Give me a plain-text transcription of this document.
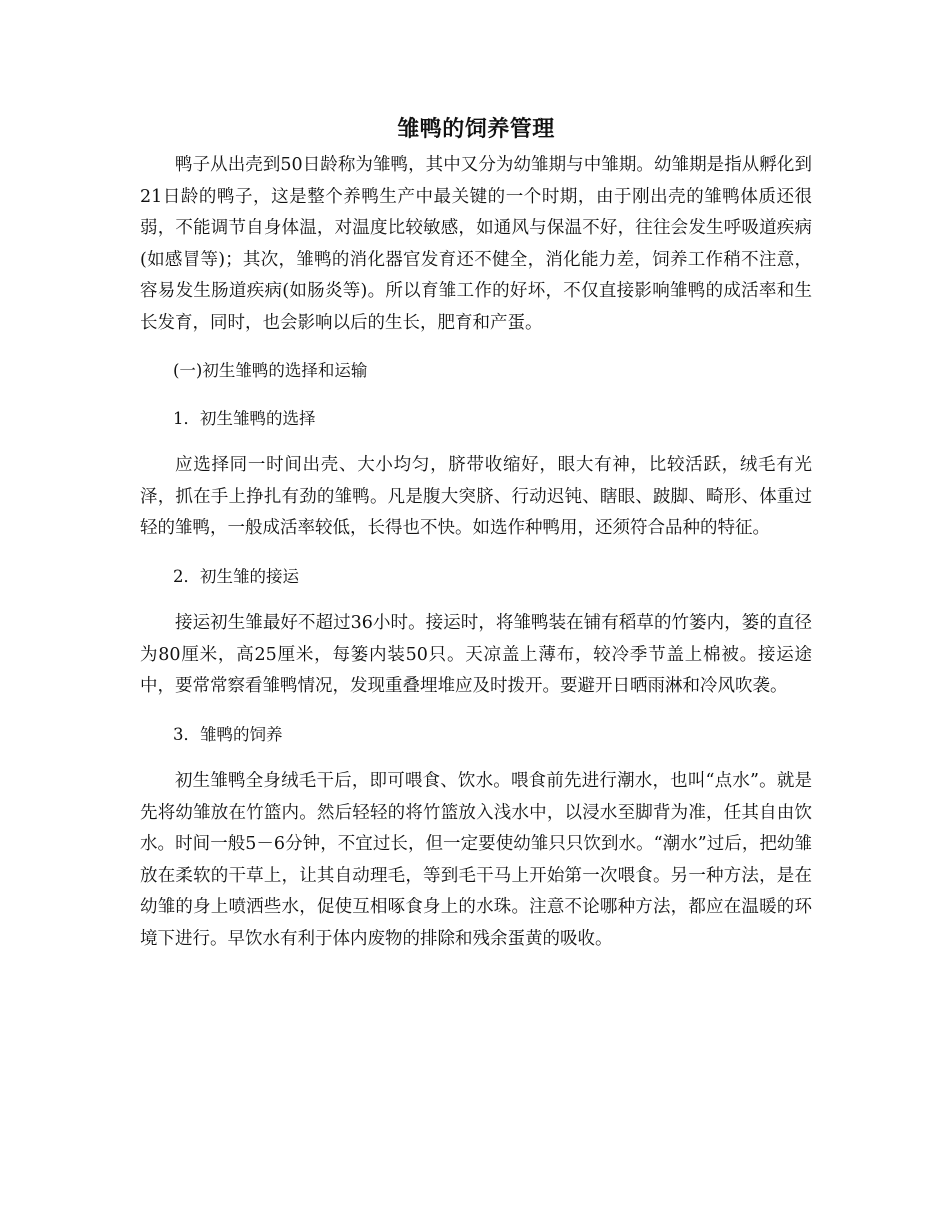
雏鸭的饲养管理

鸭子从出壳到50日龄称为雏鸭，其中又分为幼雏期与中雏期。幼雏期是指从孵化到21日龄的鸭子，这是整个养鸭生产中最关键的一个时期，由于刚出壳的雏鸭体质还很弱，不能调节自身体温，对温度比较敏感，如通风与保温不好，往往会发生呼吸道疾病(如感冒等)；其次，雏鸭的消化器官发育还不健全，消化能力差，饲养工作稍不注意，容易发生肠道疾病(如肠炎等)。所以育雏工作的好坏，不仅直接影响雏鸭的成活率和生长发育，同时，也会影响以后的生长，肥育和产蛋。

(一)初生雏鸭的选择和运输

1．初生雏鸭的选择

应选择同一时间出壳、大小均匀，脐带收缩好，眼大有神，比较活跃，绒毛有光泽，抓在手上挣扎有劲的雏鸭。凡是腹大突脐、行动迟钝、瞎眼、跛脚、畸形、体重过轻的雏鸭，一般成活率较低，长得也不快。如选作种鸭用，还须符合品种的特征。

2．初生雏的接运

接运初生雏最好不超过36小时。接运时，将雏鸭装在铺有稻草的竹篓内，篓的直径为80厘米，高25厘米，每篓内装50只。天凉盖上薄布，较冷季节盖上棉被。接运途中，要常常察看雏鸭情况，发现重叠埋堆应及时拨开。要避开日晒雨淋和冷风吹袭。

3．雏鸭的饲养

初生雏鸭全身绒毛干后，即可喂食、饮水。喂食前先进行潮水，也叫“点水”。就是先将幼雏放在竹篮内。然后轻轻的将竹篮放入浅水中，以浸水至脚背为准，任其自由饮水。时间一般5－6分钟，不宜过长，但一定要使幼雏只只饮到水。“潮水”过后，把幼雏放在柔软的干草上，让其自动理毛，等到毛干马上开始第一次喂食。另一种方法，是在幼雏的身上喷洒些水，促使互相啄食身上的水珠。注意不论哪种方法，都应在温暖的环境下进行。早饮水有利于体内废物的排除和残余蛋黄的吸收。
